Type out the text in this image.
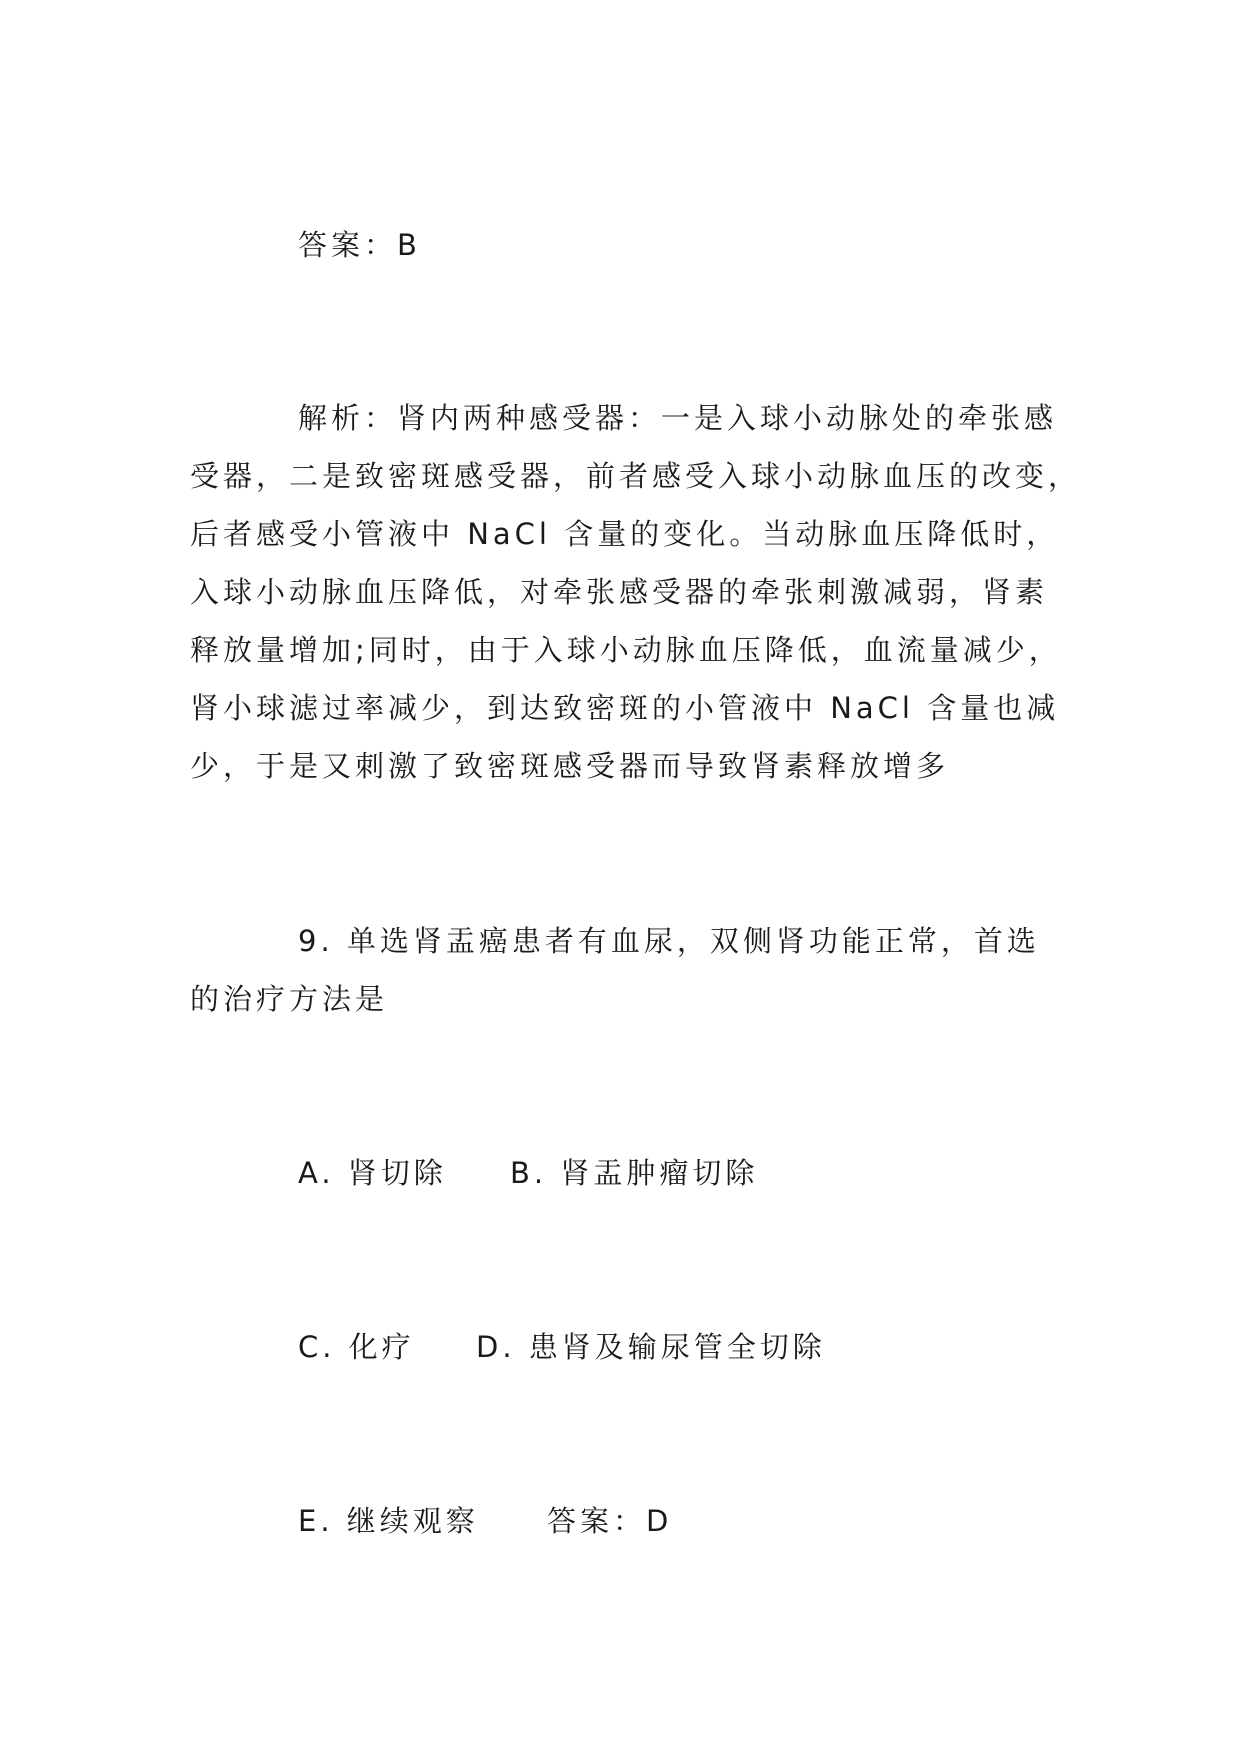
答案：B
解析：肾内两种感受器：一是入球小动脉处的牵张感
受器，二是致密斑感受器，前者感受入球小动脉血压的改变，
后者感受小管液中 NaCl 含量的变化。当动脉血压降低时，
入球小动脉血压降低，对牵张感受器的牵张刺激减弱，肾素
释放量增加;同时，由于入球小动脉血压降低，血流量减少，
肾小球滤过率减少，到达致密斑的小管液中 NaCl 含量也减
少，于是又刺激了致密斑感受器而导致肾素释放增多
9. 单选肾盂癌患者有血尿，双侧肾功能正常，首选
的治疗方法是
A. 肾切除 B. 肾盂肿瘤切除
C. 化疗 D. 患肾及输尿管全切除
E. 继续观察 答案：D
